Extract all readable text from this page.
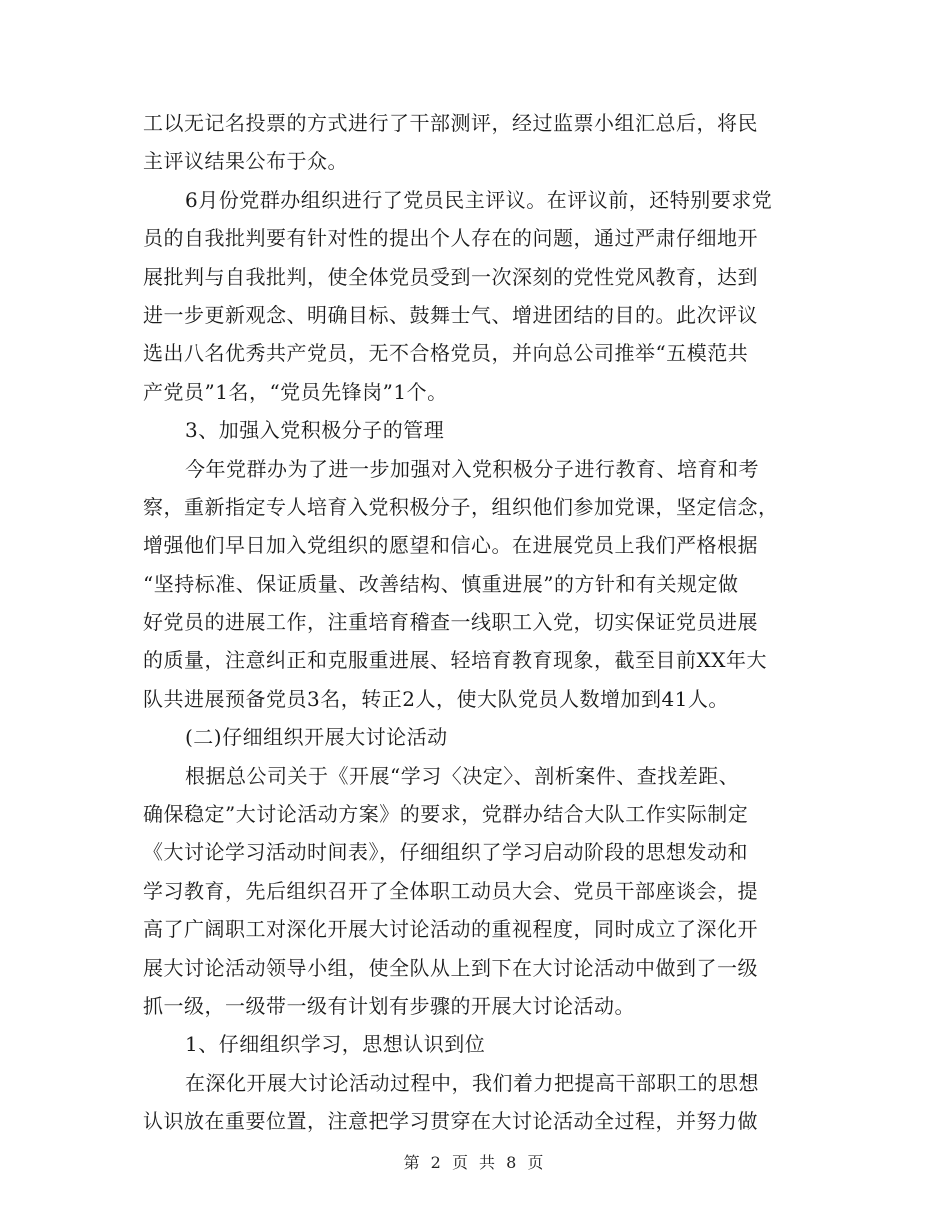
工以无记名投票的方式进行了干部测评，经过监票小组汇总后，将民
主评议结果公布于众。
6月份党群办组织进行了党员民主评议。在评议前，还特别要求党
员的自我批判要有针对性的提出个人存在的问题，通过严肃仔细地开
展批判与自我批判，使全体党员受到一次深刻的党性党风教育，达到
进一步更新观念、明确目标、鼓舞士气、增进团结的目的。此次评议
选出八名优秀共产党员，无不合格党员，并向总公司推举“五模范共
产党员”1名，“党员先锋岗”1个。
3、加强入党积极分子的管理
今年党群办为了进一步加强对入党积极分子进行教育、培育和考
察，重新指定专人培育入党积极分子，组织他们参加党课，坚定信念，
增强他们早日加入党组织的愿望和信心。在进展党员上我们严格根据
“坚持标准、保证质量、改善结构、慎重进展”的方针和有关规定做
好党员的进展工作，注重培育稽查一线职工入党，切实保证党员进展
的质量，注意纠正和克服重进展、轻培育教育现象，截至目前XX年大
队共进展预备党员3名，转正2人，使大队党员人数增加到41人。
(二)仔细组织开展大讨论活动
根据总公司关于《开展“学习〈决定〉、剖析案件、查找差距、
确保稳定”大讨论活动方案》的要求，党群办结合大队工作实际制定
《大讨论学习活动时间表》，仔细组织了学习启动阶段的思想发动和
学习教育，先后组织召开了全体职工动员大会、党员干部座谈会，提
高了广阔职工对深化开展大讨论活动的重视程度，同时成立了深化开
展大讨论活动领导小组，使全队从上到下在大讨论活动中做到了一级
抓一级，一级带一级有计划有步骤的开展大讨论活动。
1、仔细组织学习，思想认识到位
在深化开展大讨论活动过程中，我们着力把提高干部职工的思想
认识放在重要位置，注意把学习贯穿在大讨论活动全过程，并努力做
第 2 页 共 8 页
